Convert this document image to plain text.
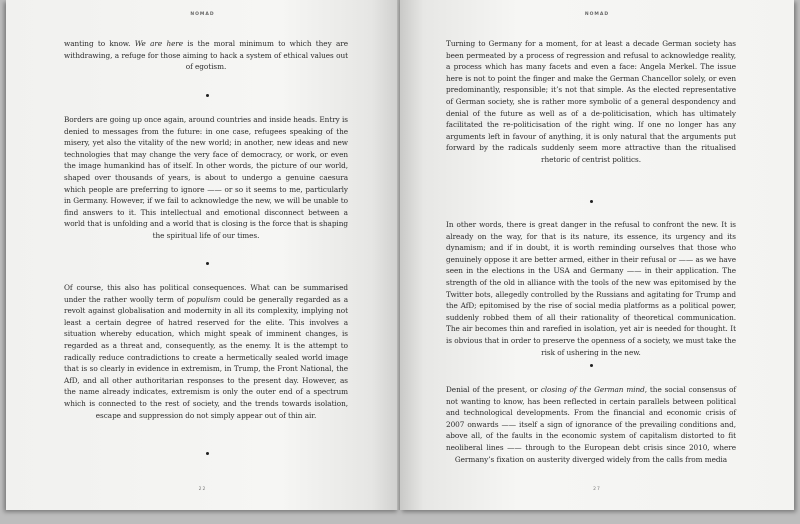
NOMAD
wanting to know. We are here is the moral minimum to which they are withdrawing, a refuge for those aiming to hack a system of ethical values out of egotism.
Borders are going up once again, around countries and inside heads. Entry is denied to messages from the future: in one case, refugees speaking of the misery, yet also the vitality of the new world; in another, new ideas and new technologies that may change the very face of democracy, or work, or even the image humankind has of itself. In other words, the picture of our world, shaped over thousands of years, is about to undergo a genuine caesura which people are preferring to ignore —— or so it seems to me, particularly in Germany. However, if we fail to acknowledge the new, we will be unable to find answers to it. This intellectual and emotional disconnect between a world that is unfolding and a world that is closing is the force that is shaping the spiritual life of our times.
Of course, this also has political consequences. What can be summarised under the rather woolly term of populism could be generally regarded as a revolt against globalisation and modernity in all its complexity, implying not least a certain degree of hatred reserved for the elite. This involves a situation whereby education, which might speak of imminent changes, is regarded as a threat and, consequently, as the enemy. It is the attempt to radically reduce contradictions to create a hermetically sealed world image that is so clearly in evidence in extremism, in Trump, the Front National, the AfD, and all other authoritarian responses to the present day. However, as the name already indicates, extremism is only the outer end of a spectrum which is connected to the rest of society, and the trends towards isolation, escape and suppression do not simply appear out of thin air.
22
NOMAD
Turning to Germany for a moment, for at least a decade German society has been permeated by a process of regression and refusal to acknowledge reality, a process which has many facets and even a face: Angela Merkel. The issue here is not to point the finger and make the German Chancellor solely, or even predominantly, responsible; it’s not that simple. As the elected representative of German society, she is rather more symbolic of a general despondency and denial of the future as well as of a de-politicisation, which has ultimately facilitated the re-politicisation of the right wing. If one no longer has any arguments left in favour of anything, it is only natural that the arguments put forward by the radicals suddenly seem more attractive than the ritualised rhetoric of centrist politics.
In other words, there is great danger in the refusal to confront the new. It is already on the way, for that is its nature, its essence, its urgency and its dynamism; and if in doubt, it is worth reminding ourselves that those who genuinely oppose it are better armed, either in their refusal or —— as we have seen in the elections in the USA and Germany —— in their application. The strength of the old in alliance with the tools of the new was epitomised by the Twitter bots, allegedly controlled by the Russians and agitating for Trump and the AfD; epitomised by the rise of social media platforms as a political power, suddenly robbed them of all their rationality of theoretical communication. The air becomes thin and rarefied in isolation, yet air is needed for thought. It is obvious that in order to preserve the openness of a society, we must take the risk of ushering in the new.
Denial of the present, or closing of the German mind, the social consensus of not wanting to know, has been reflected in certain parallels between political and technological developments. From the financial and economic crisis of 2007 onwards —— itself a sign of ignorance of the prevailing conditions and, above all, of the faults in the economic system of capitalism distorted to fit neoliberal lines —— through to the European debt crisis since 2010, where Germany’s fixation on austerity diverged widely from the calls from media
27
